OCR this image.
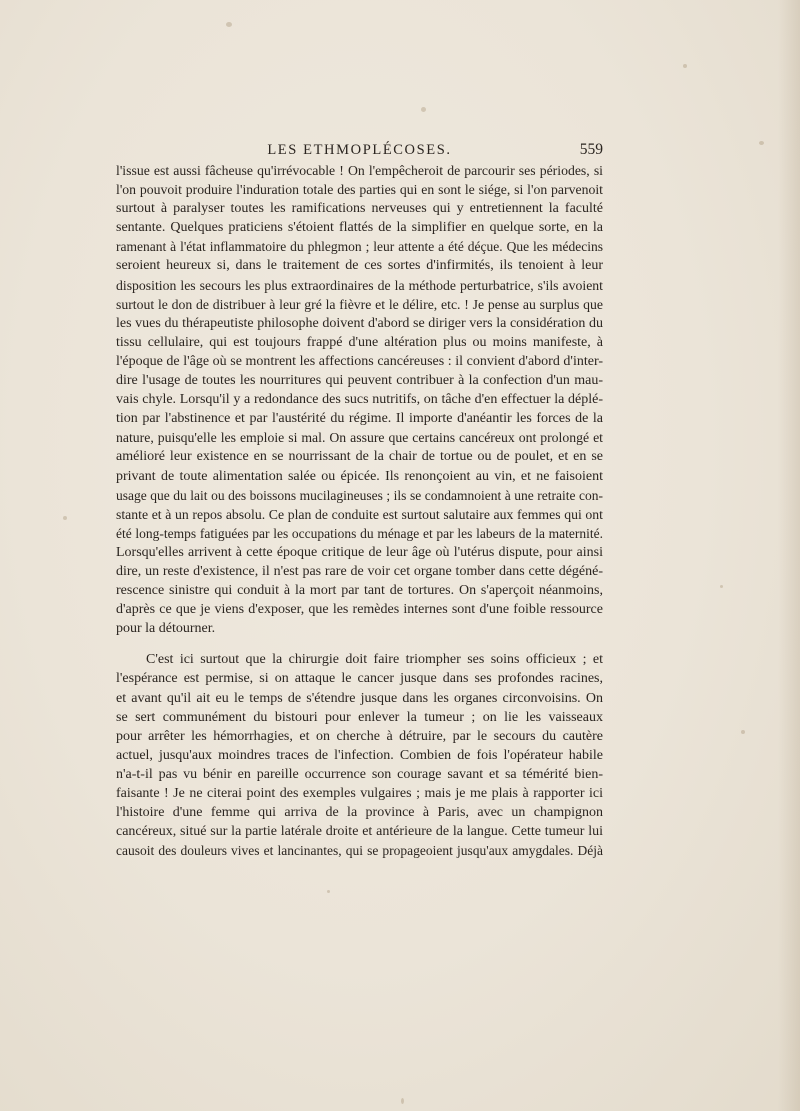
LES ETHMOPLÉCOSES.	559

l'issue est aussi fâcheuse qu'irrévocable ! On l'empêcheroit de parcourir ses périodes, si
l'on pouvoit produire l'induration totale des parties qui en sont le siége, si l'on parvenoit
surtout à paralyser toutes les ramifications nerveuses qui y entretiennent la faculté
sentante. Quelques praticiens s'étoient flattés de la simplifier en quelque sorte, en la
ramenant à l'état inflammatoire du phlegmon ; leur attente a été déçue. Que les médecins
seroient heureux si, dans le traitement de ces sortes d'infirmités, ils tenoient à leur
disposition les secours les plus extraordinaires de la méthode perturbatrice, s'ils avoient
surtout le don de distribuer à leur gré la fièvre et le délire, etc. ! Je pense au surplus que
les vues du thérapeutiste philosophe doivent d'abord se diriger vers la considération du
tissu cellulaire, qui est toujours frappé d'une altération plus ou moins manifeste, à
l'époque de l'âge où se montrent les affections cancéreuses : il convient d'abord d'inter-
dire l'usage de toutes les nourritures qui peuvent contribuer à la confection d'un mau-
vais chyle. Lorsqu'il y a redondance des sucs nutritifs, on tâche d'en effectuer la déplé-
tion par l'abstinence et par l'austérité du régime. Il importe d'anéantir les forces de la
nature, puisqu'elle les emploie si mal. On assure que certains cancéreux ont prolongé et
amélioré leur existence en se nourrissant de la chair de tortue ou de poulet, et en se
privant de toute alimentation salée ou épicée. Ils renonçoient au vin, et ne faisoient
usage que du lait ou des boissons mucilagineuses ; ils se condamnoient à une retraite con-
stante et à un repos absolu. Ce plan de conduite est surtout salutaire aux femmes qui ont
été long-temps fatiguées par les occupations du ménage et par les labeurs de la maternité.
Lorsqu'elles arrivent à cette époque critique de leur âge où l'utérus dispute, pour ainsi
dire, un reste d'existence, il n'est pas rare de voir cet organe tomber dans cette dégéné-
rescence sinistre qui conduit à la mort par tant de tortures. On s'aperçoit néanmoins,
d'après ce que je viens d'exposer, que les remèdes internes sont d'une foible ressource
pour la détourner.

C'est ici surtout que la chirurgie doit faire triompher ses soins officieux ; et
l'espérance est permise, si on attaque le cancer jusque dans ses profondes racines,
et avant qu'il ait eu le temps de s'étendre jusque dans les organes circonvoisins. On
se sert communément du bistouri pour enlever la tumeur ; on lie les vaisseaux
pour arrêter les hémorrhagies, et on cherche à détruire, par le secours du cautère
actuel, jusqu'aux moindres traces de l'infection. Combien de fois l'opérateur habile
n'a-t-il pas vu bénir en pareille occurrence son courage savant et sa témérité bien-
faisante ! Je ne citerai point des exemples vulgaires ; mais je me plais à rapporter ici
l'histoire d'une femme qui arriva de la province à Paris, avec un champignon
cancéreux, situé sur la partie latérale droite et antérieure de la langue. Cette tumeur lui
causoit des douleurs vives et lancinantes, qui se propageoient jusqu'aux amygdales. Déjà
